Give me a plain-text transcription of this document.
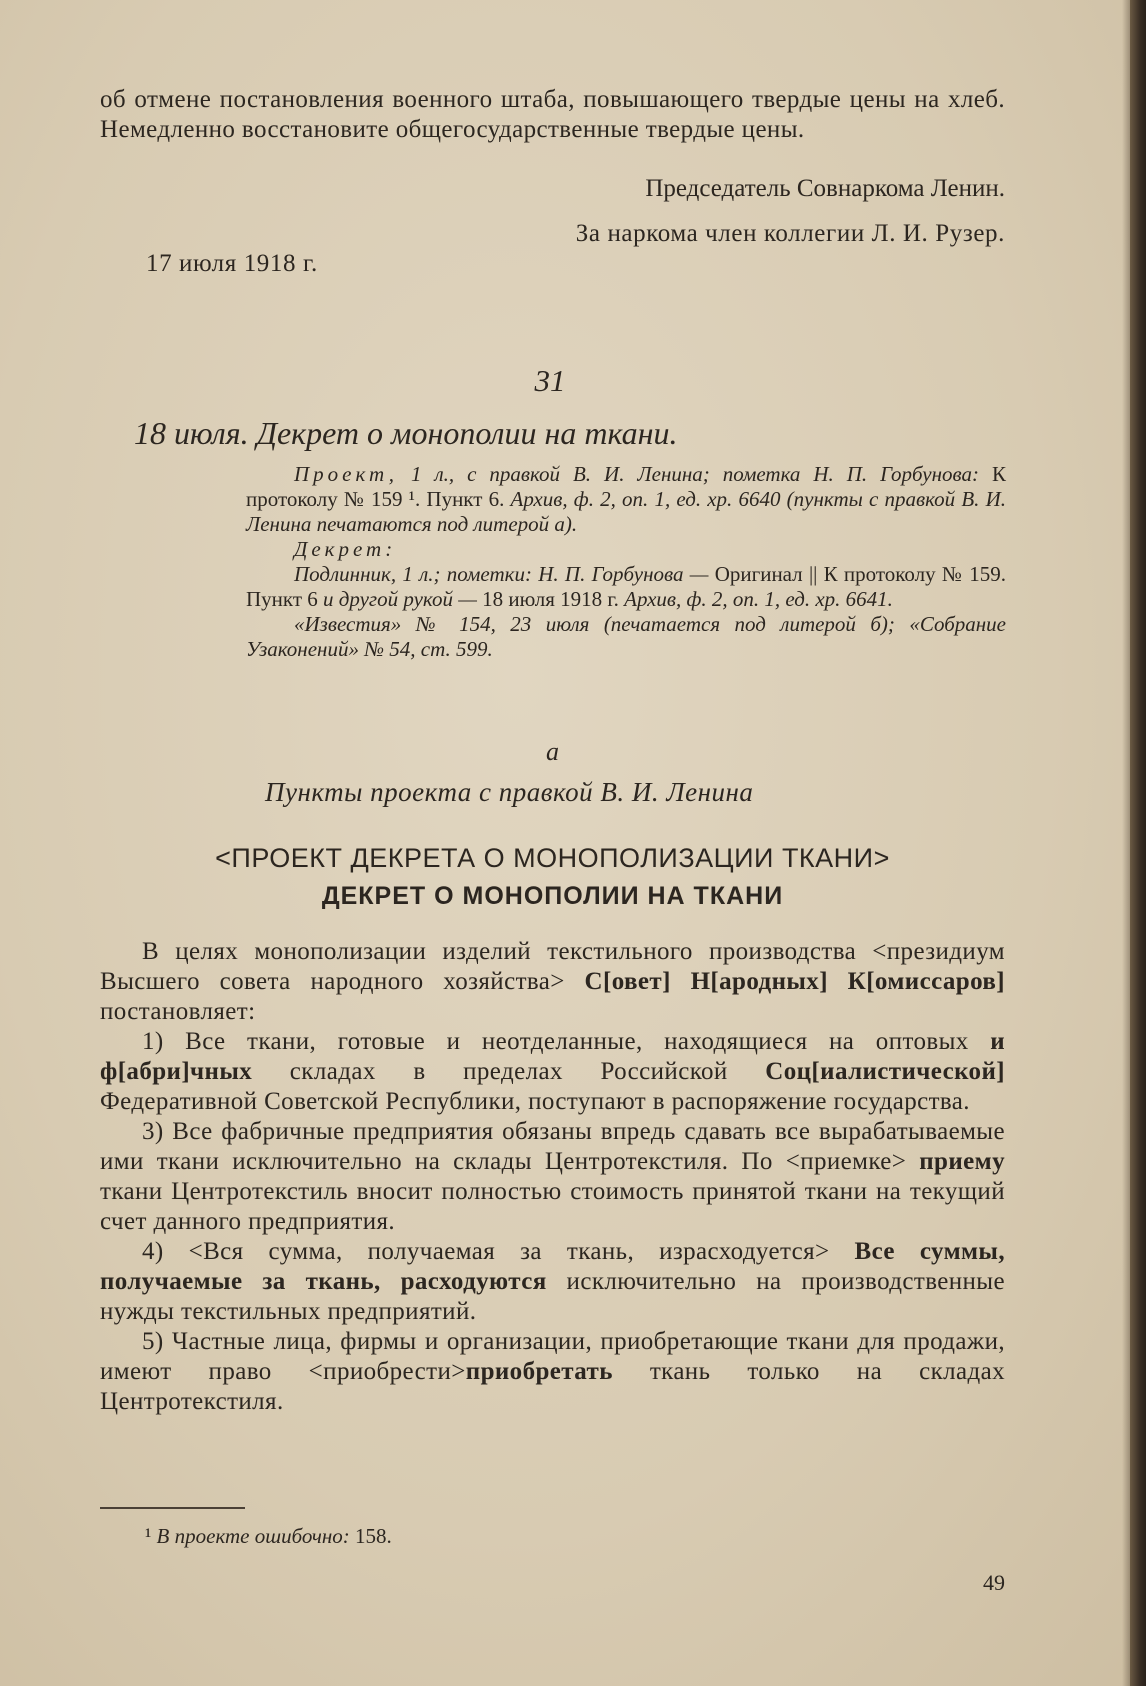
об отмене постановления военного штаба, повышающего твердые цены на хлеб. Немедленно восстановите общегосударственные твердые цены.

Председатель Совнаркома Ленин.
За наркома член коллегии Л. И. Рузер.
17 июля 1918 г.
31
18 июля. Декрет о монополии на ткани.

Проект, 1 л., с правкой В. И. Ленина; пометка Н. П. Горбунова: К протоколу № 159 ¹. Пункт 6. Архив, ф. 2, оп. 1, ед. хр. 6640 (пункты с правкой В. И. Ленина печатаются под литерой а).

Декрет:

Подлинник, 1 л.; пометки: Н. П. Горбунова — Оригинал || К протоколу № 159. Пункт 6 и другой рукой — 18 июля 1918 г. Архив, ф. 2, оп. 1, ед. хр. 6641.

«Известия» № 154, 23 июля (печатается под литерой б); «Собрание Узаконений» № 54, ст. 599.

а
Пункты проекта с правкой В. И. Ленина
<ПРОЕКТ ДЕКРЕТА О МОНОПОЛИЗАЦИИ ТКАНИ>
ДЕКРЕТ О МОНОПОЛИИ НА ТКАНИ

В целях монополизации изделий текстильного производства <президиум Высшего совета народного хозяйства> С[овет] Н[ародных] К[омиссаров] постановляет:

1) Все ткани, готовые и неотделанные, находящиеся на оптовых и ф[абри]чных складах в пределах Российской Соц[иалистической] Федеративной Советской Республики, поступают в распоряжение государства.

3) Все фабричные предприятия обязаны впредь сдавать все вырабатываемые ими ткани исключительно на склады Центротекстиля. По <приемке> приему ткани Центротекстиль вносит полностью стоимость принятой ткани на текущий счет данного предприятия.

4) <Вся сумма, получаемая за ткань, израсходуется> Все суммы, получаемые за ткань, расходуются исключительно на производственные нужды текстильных предприятий.

5) Частные лица, фирмы и организации, приобретающие ткани для продажи, имеют право <приобрести>приобретать ткань только на складах Центротекстиля.

¹ В проекте ошибочно: 158.
49
